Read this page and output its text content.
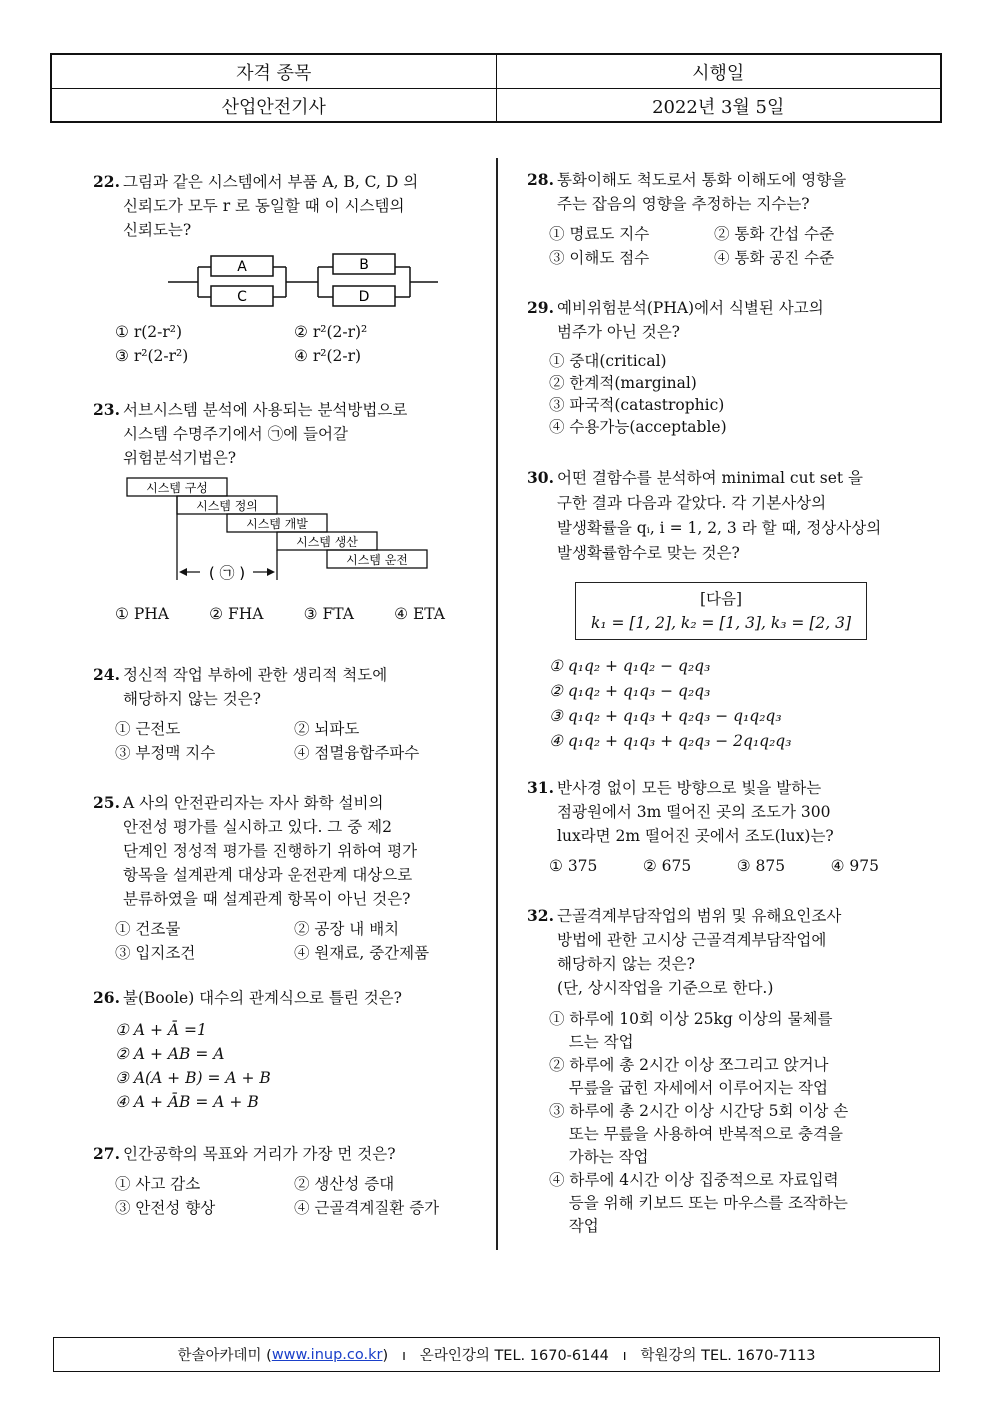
자격 종목	시행일
산업안전기사	2022년 3월 5일
22. 그림과 같은 시스템에서 부품 A, B, C, D 의
신뢰도가 모두 r 로 동일할 때 이 시스템의
신뢰도는?
A	B
C	D
① r(2-r²)	② r²(2-r)²
③ r²(2-r²)	④ r²(2-r)
23. 서브시스템 분석에 사용되는 분석방법으로
시스템 수명주기에서 ㉠에 들어갈
위험분석기법은?
시스템 구성
시스템 정의
시스템 개발
시스템 생산
시스템 운전
( ㉠ )
① PHA	② FHA	③ FTA	④ ETA
24. 정신적 작업 부하에 관한 생리적 척도에
해당하지 않는 것은?
① 근전도	② 뇌파도
③ 부정맥 지수	④ 점멸융합주파수
25. A 사의 안전관리자는 자사 화학 설비의
안전성 평가를 실시하고 있다. 그 중 제2
단계인 정성적 평가를 진행하기 위하여 평가
항목을 설계관계 대상과 운전관계 대상으로
분류하였을 때 설계관계 항목이 아닌 것은?
① 건조물	② 공장 내 배치
③ 입지조건	④ 원재료, 중간제품
26. 불(Boole) 대수의 관계식으로 틀린 것은?
① A + Ā =1
② A + AB = A
③ A(A + B) = A + B
④ A + ĀB = A + B
27. 인간공학의 목표와 거리가 가장 먼 것은?
① 사고 감소	② 생산성 증대
③ 안전성 향상	④ 근골격계질환 증가
28. 통화이해도 척도로서 통화 이해도에 영향을
주는 잡음의 영향을 추정하는 지수는?
① 명료도 지수	② 통화 간섭 수준
③ 이해도 점수	④ 통화 공진 수준
29. 예비위험분석(PHA)에서 식별된 사고의
범주가 아닌 것은?
① 중대(critical)
② 한계적(marginal)
③ 파국적(catastrophic)
④ 수용가능(acceptable)
30. 어떤 결함수를 분석하여 minimal cut set 을
구한 결과 다음과 같았다. 각 기본사상의
발생확률을 qᵢ, i = 1, 2, 3 라 할 때, 정상사상의
발생확률함수로 맞는 것은?
[다음]
k₁ = [1, 2], k₂ = [1, 3], k₃ = [2, 3]
① q₁q₂ + q₁q₂ − q₂q₃
② q₁q₂ + q₁q₃ − q₂q₃
③ q₁q₂ + q₁q₃ + q₂q₃ − q₁q₂q₃
④ q₁q₂ + q₁q₃ + q₂q₃ − 2q₁q₂q₃
31. 반사경 없이 모든 방향으로 빛을 발하는
점광원에서 3m 떨어진 곳의 조도가 300
lux라면 2m 떨어진 곳에서 조도(lux)는?
① 375	② 675	③ 875	④ 975
32. 근골격계부담작업의 범위 및 유해요인조사
방법에 관한 고시상 근골격계부담작업에
해당하지 않는 것은?
(단, 상시작업을 기준으로 한다.)
① 하루에 10회 이상 25kg 이상의 물체를
드는 작업
② 하루에 총 2시간 이상 쪼그리고 앉거나
무릎을 굽힌 자세에서 이루어지는 작업
③ 하루에 총 2시간 이상 시간당 5회 이상 손
또는 무릎을 사용하여 반복적으로 충격을
가하는 작업
④ 하루에 4시간 이상 집중적으로 자료입력
등을 위해 키보드 또는 마우스를 조작하는
작업
한솔아카데미 ( www.inup.co.kr )   ı   온라인강의 TEL. 1670-6144   ı   학원강의 TEL. 1670-7113
